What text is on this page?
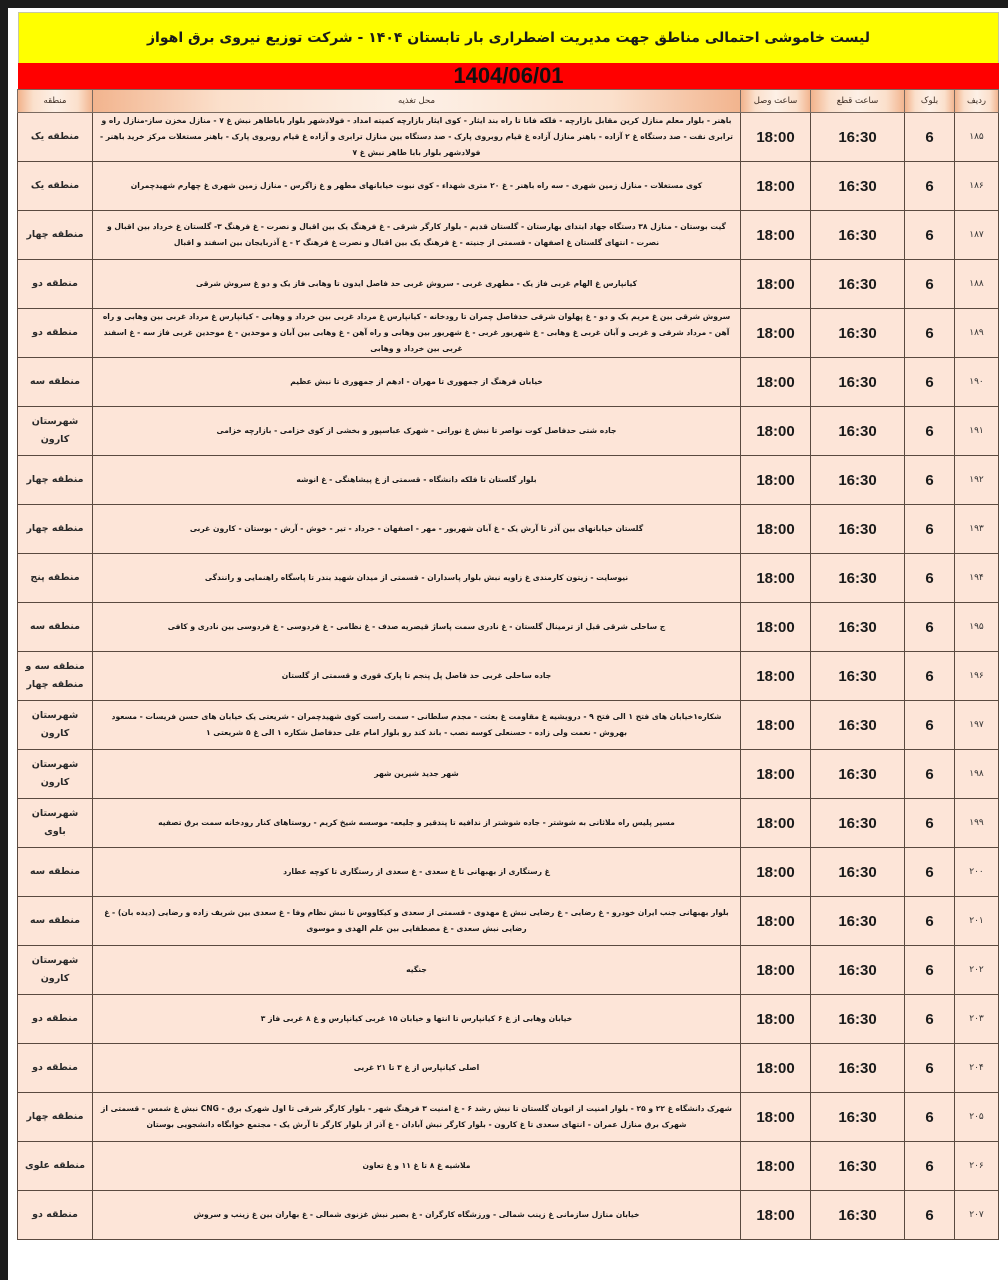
لیست خاموشی احتمالی مناطق جهت مدیریت اضطراری بار تابستان ۱۴۰۴ - شرکت توزیع نیروی برق اهواز
1404/06/01
ردیف	بلوک	ساعت قطع	ساعت وصل	محل تغذیه	منطقه
۱۸۵	6	16:30	18:00	باهنر - بلوار معلم منازل کرین مقابل بازارچه - فلکه فانا تا راه بند ایثار - کوی ایثار بازارچه کمیته امداد - فولادشهر بلوار باباطاهر نبش غ ۷ - منازل مخزن ساز-منازل راه و ترابری نفت - صد دستگاه غ ۲ آزاده - باهنر منازل آزاده غ قیام روبروی پارک - صد دستگاه بین منازل ترابری و آزاده غ قیام روبروی پارک - باهنر مستغلات مرکز خرید باهنر - فولادشهر بلوار بابا طاهر نبش غ ۷	منطقه یک
۱۸۶	6	16:30	18:00	کوی مستغلات - منازل زمین شهری - سه راه باهنر - غ ۲۰ متری شهداء - کوی نبوت خیابانهای مطهر و غ زاگرس - منازل زمین شهری غ چهارم شهیدچمران	منطقه یک
۱۸۷	6	16:30	18:00	گیت بوستان - منازل ۳۸ دستگاه جهاد ابتدای بهارستان - گلستان قدیم - بلوار کارگر شرقی - غ فرهنگ یک بین اقبال و نصرت - غ فرهنگ ۳- گلستان غ خرداد بین اقبال و نصرت - انتهای گلستان غ اصفهان - قسمتی از جنیته - غ فرهنگ یک بین اقبال و نصرت غ فرهنگ ۲ - غ آذربایجان بین اسفند و اقبال	منطقه چهار
۱۸۸	6	16:30	18:00	کیانپارس غ الهام غربی فاز یک - مطهری غربی - سروش غربی حد فاصل ایدون تا وهابی فاز یک و دو غ سروش شرقی	منطقه دو
۱۸۹	6	16:30	18:00	سروش شرقی بین غ مریم یک و دو - غ پهلوان شرقی حدفاصل چمران تا رودخانه - کیانپارس غ مرداد غربی بین خرداد و وهابی - کیانپارس غ مرداد غربی بین وهابی و راه آهن - مرداد شرقی و غربی و آبان غربی غ وهابی - غ شهریور غربی - غ شهریور بین وهابی و راه آهن - غ وهابی بین آبان و موحدین - غ موحدین غربی فاز سه - غ اسفند غربی بین خرداد و وهابی	منطقه دو
۱۹۰	6	16:30	18:00	خیابان فرهنگ از جمهوری تا مهران - ادهم از جمهوری تا نبش عظیم	منطقه سه
۱۹۱	6	16:30	18:00	جاده شتی حدفاصل کوت نواصر تا نبش غ نورانی - شهرک عباسپور و بخشی از کوی خزامی - بازارچه خزامی	شهرستان کارون
۱۹۲	6	16:30	18:00	بلوار گلستان تا فلکه دانشگاه - قسمتی از غ پیشاهنگی - غ انوشه	منطقه چهار
۱۹۳	6	16:30	18:00	گلستان خیابانهای بین آذر تا آرش یک - غ آبان شهریور - مهر - اصفهان - خرداد - تیر - خوش - آرش - بوستان - کارون غربی	منطقه چهار
۱۹۴	6	16:30	18:00	نیوسایت - زیتون کارمندی غ زاویه نبش بلوار پاسداران - قسمتی از میدان شهید بندر تا پاسگاه راهنمایی و رانندگی	منطقه پنج
۱۹۵	6	16:30	18:00	ج ساحلی شرقی قبل از ترمینال گلستان - غ نادری سمت پاساژ قیصریه صدف - غ نظامی - غ فردوسی - غ فردوسی بین نادری و کافی	منطقه سه
۱۹۶	6	16:30	18:00	جاده ساحلی غربی حد فاصل پل پنجم تا پارک قوری و قسمتی از گلستان	منطقه سه و منطقه چهار
۱۹۷	6	16:30	18:00	شکاره۱خیابان های فتح ۱ الی فتح ۹ - درویشیه غ مقاومت غ بعثت - مجدم سلطانی - سمت راست کوی شهیدچمران - شریعتی یک خیابان های حسن فریسات - مسعود بهروش - نعمت ولی زاده - حسنعلی کوسه نصب - باند کند رو بلوار امام علی حدفاصل شکاره ۱ الی غ ۵ شریعتی ۱	شهرستان کارون
۱۹۸	6	16:30	18:00	شهر جدید شیرین شهر	شهرستان کارون
۱۹۹	6	16:30	18:00	مسیر پلیس راه ملاثانی به شوشتر - جاده شوشتر از ندافیه تا پندقیر و جلیعه- موسسه شیخ کریم - روستاهای کنار رودخانه سمت برق تصفیه	شهرستان باوی
۲۰۰	6	16:30	18:00	غ رستگاری از بهبهانی تا غ سعدی - غ سعدی از رستگاری تا کوچه عطارد	منطقه سه
۲۰۱	6	16:30	18:00	بلوار بهبهانی جنب ایران خودرو - غ رضایی - غ رضایی نبش غ مهدوی - قسمتی از سعدی و کیکاووس تا نبش نظام وفا - غ سعدی بین شریف زاده و رضایی (دیده بان) - غ رضایی نبش سعدی - غ مصطفایی بین علم الهدی و موسوی	منطقه سه
۲۰۲	6	16:30	18:00	جنگیه	شهرستان کارون
۲۰۳	6	16:30	18:00	خیابان وهابی از غ ۶ کیانپارس تا انتها و خیابان ۱۵ غربی کیانپارس و غ ۸ غربی فاز ۳	منطقه دو
۲۰۴	6	16:30	18:00	اصلی کیانپارس از غ ۳ تا ۲۱ غربی	منطقه دو
۲۰۵	6	16:30	18:00	شهرک دانشگاه غ ۲۲ و ۲۵ - بلوار امنیت از اتوبان گلستان تا نبش رشد ۶ - غ امنیت ۳ فرهنگ شهر - بلوار کارگر شرقی تا اول شهرک برق - CNG نبش غ شمس - قسمتی از شهرک برق منازل عمران - انتهای سعدی تا غ کارون - بلوار کارگر نبش آبادان - غ آذر از بلوار کارگر تا آرش یک - مجتمع خوابگاه دانشجویی بوستان	منطقه چهار
۲۰۶	6	16:30	18:00	ملاشیه غ ۸ تا غ ۱۱ و غ تعاون	منطقه علوی
۲۰۷	6	16:30	18:00	خیابان منازل سازمانی غ زینب شمالی - ورزشگاه کارگران - غ بصیر نبش غزنوی شمالی - غ بهاران بین غ زینب و سروش	منطقه دو
